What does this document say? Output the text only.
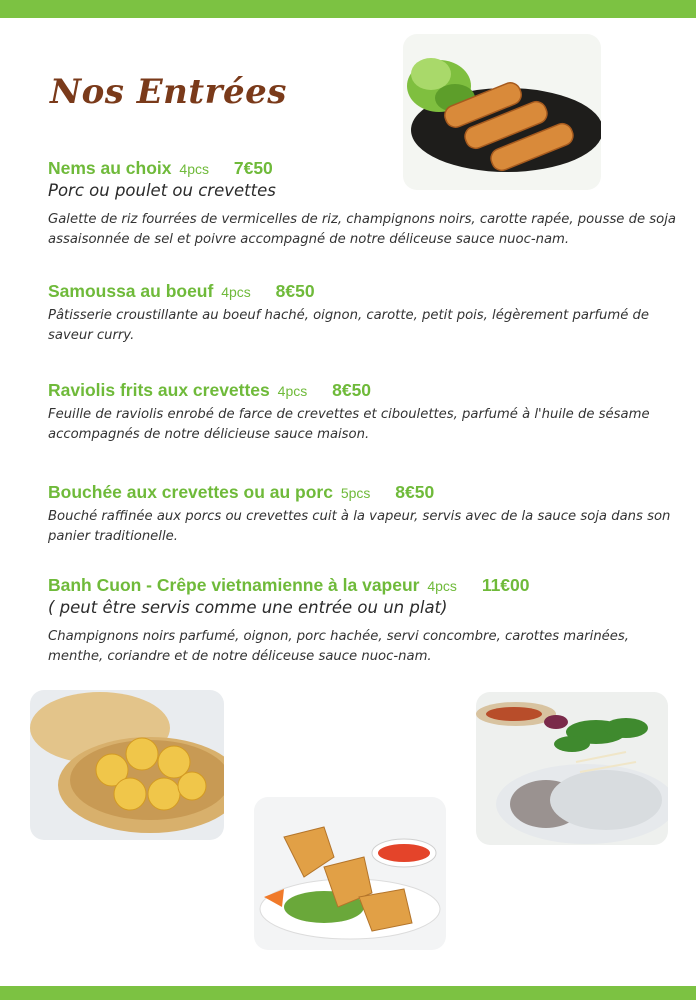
Nos Entrées
Nems au choix 4pcs 7€50
Porc ou poulet ou crevettes
Galette de riz fourrées de vermicelles de riz, champignons noirs, carotte rapée, pousse de soja assaisonnée de sel et poivre accompagné de notre déliceuse sauce nuoc-nam.
Samoussa au boeuf 4pcs 8€50
Pâtisserie croustillante au boeuf haché, oignon, carotte, petit pois, légèrement parfumé de saveur curry.
Raviolis frits aux crevettes 4pcs 8€50
Feuille de raviolis enrobé de farce de crevettes et ciboulettes, parfumé à l'huile de sésame accompagnés de notre délicieuse sauce maison.
Bouchée aux crevettes ou au porc 5pcs 8€50
Bouché raffinée aux porcs ou crevettes cuit à la vapeur, servis avec de la sauce soja dans son panier traditionelle.
Banh Cuon - Crêpe vietnamienne à la vapeur 4pcs 11€00
( peut être servis comme une entrée ou un plat)
Champignons noirs parfumé, oignon, porc hachée, servi concombre, carottes marinées, menthe, coriandre et de notre déliceuse sauce nuoc-nam.
